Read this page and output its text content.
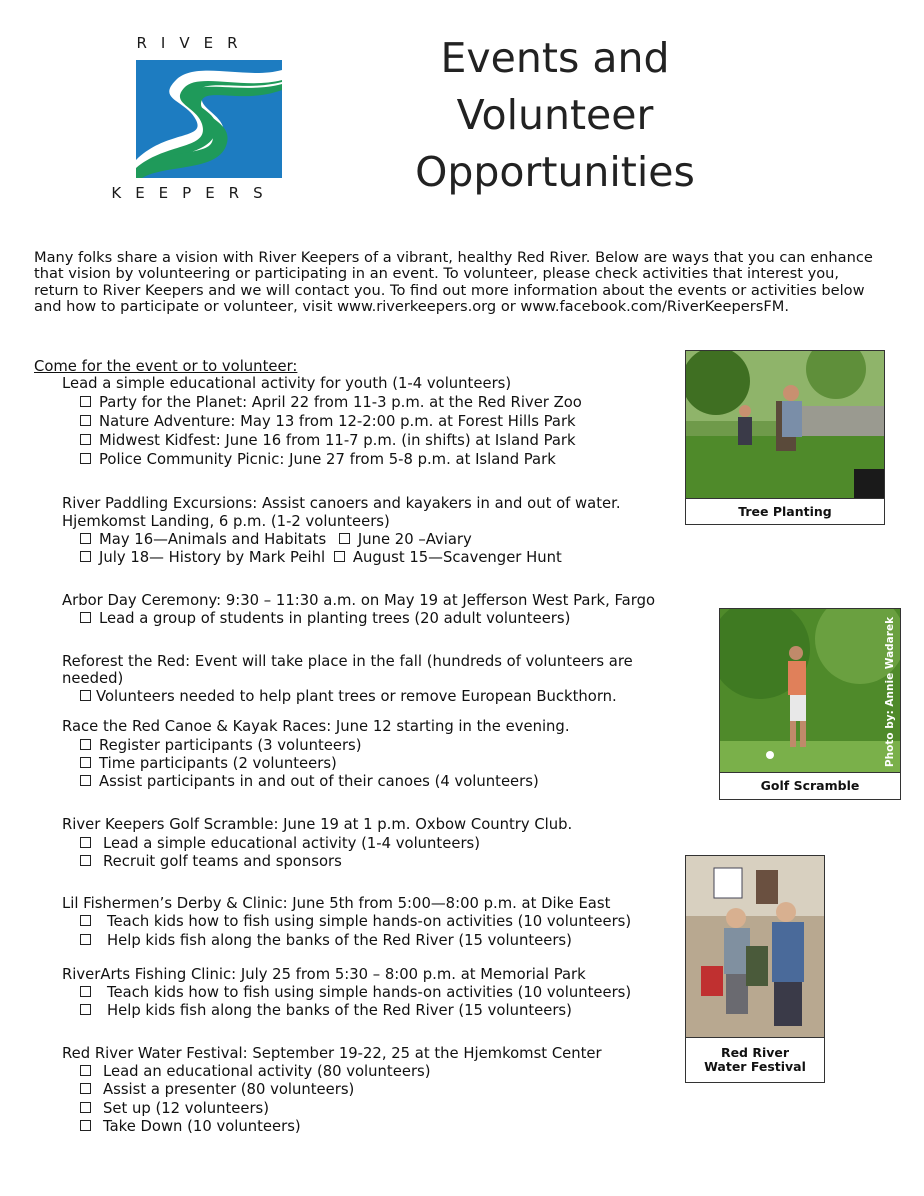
RIVER
KEEPERS
Events and
Volunteer
Opportunities

Many folks share a vision with River Keepers of a vibrant, healthy Red River. Below are ways that you can enhance that vision by volunteering or participating in an event. To volunteer, please check activities that interest you, return to River Keepers and we will contact you. To find out more information about the events or activities below and how to participate or volunteer, visit www.riverkeepers.org or www.facebook.com/RiverKeepersFM.

Come for the event or to volunteer:
Lead a simple educational activity for youth (1-4 volunteers)
Party for the Planet: April 22 from 11-3 p.m. at the Red River Zoo
Nature Adventure: May 13 from 12-2:00 p.m. at Forest Hills Park
Midwest Kidfest: June 16 from 11-7 p.m. (in shifts) at Island Park
Police Community Picnic: June 27 from 5-8 p.m. at Island Park
River Paddling Excursions: Assist canoers and kayakers in and out of water.
Hjemkomst Landing, 6 p.m. (1-2 volunteers)
May 16—Animals and Habitats June 20 –Aviary
July 18— History by Mark Peihl August 15—Scavenger Hunt
Arbor Day Ceremony: 9:30 – 11:30 a.m. on May 19 at Jefferson West Park, Fargo
Lead a group of students in planting trees (20 adult volunteers)
Reforest the Red: Event will take place in the fall (hundreds of volunteers are
needed)
Volunteers needed to help plant trees or remove European Buckthorn.
Race the Red Canoe & Kayak Races: June 12 starting in the evening.
Register participants (3 volunteers)
Time participants (2 volunteers)
Assist participants in and out of their canoes (4 volunteers)
River Keepers Golf Scramble: June 19 at 1 p.m. Oxbow Country Club.
Lead a simple educational activity (1-4 volunteers)
Recruit golf teams and sponsors
Lil Fishermen’s Derby & Clinic: June 5th from 5:00—8:00 p.m. at Dike East
Teach kids how to fish using simple hands-on activities (10 volunteers)
Help kids fish along the banks of the Red River (15 volunteers)
RiverArts Fishing Clinic: July 25 from 5:30 – 8:00 p.m. at Memorial Park
Teach kids how to fish using simple hands-on activities (10 volunteers)
Help kids fish along the banks of the Red River (15 volunteers)
Red River Water Festival: September 19-22, 25 at the Hjemkomst Center
Lead an educational activity (80 volunteers)
Assist a presenter (80 volunteers)
Set up (12 volunteers)
Take Down (10 volunteers)
Tree Planting
Photo by: Annie Wadarek
Golf Scramble
Red River
Water Festival
